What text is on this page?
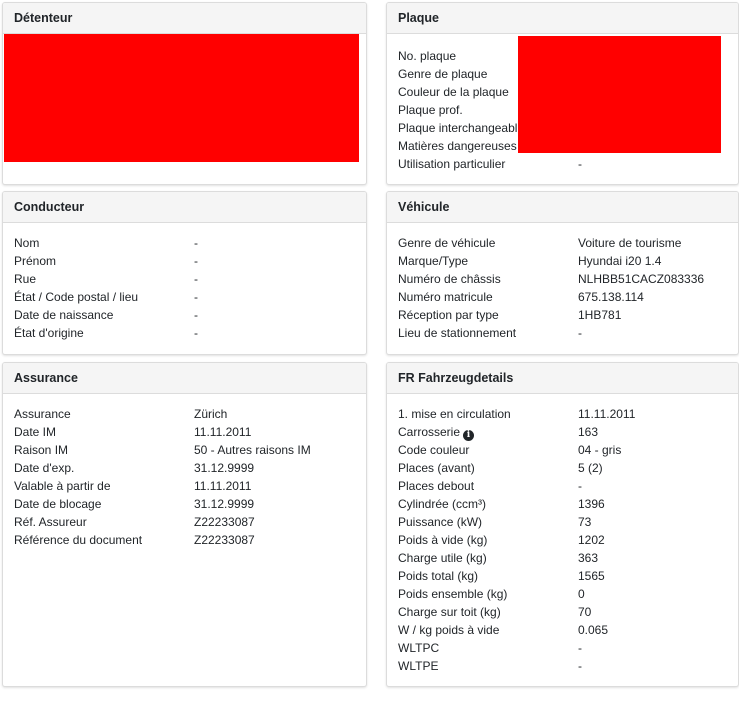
Détenteur	Plaque
No. plaque
Genre de plaque
Couleur de la plaque
Plaque prof.
Plaque interchangeabl
Matières dangereuses
Utilisation particulier	-
Conducteur
Nom	-
Prénom	-
Rue	-
État / Code postal / lieu	-
Date de naissance	-
État d'origine	-
Véhicule
Genre de véhicule	Voiture de tourisme
Marque/Type	Hyundai i20 1.4
Numéro de châssis	NLHBB51CACZ083336
Numéro matricule	675.138.114
Réception par type	1HB781
Lieu de stationnement	-
Assurance
Assurance	Zürich
Date IM	11.11.2011
Raison IM	50 - Autres raisons IM
Date d'exp.	31.12.9999
Valable à partir de	11.11.2011
Date de blocage	31.12.9999
Réf. Assureur	Z22233087
Référence du document	Z22233087
FR Fahrzeugdetails
1. mise en circulation	11.11.2011
Carrosserie i	163
Code couleur	04 - gris
Places (avant)	5 (2)
Places debout	-
Cylindrée (ccm³)	1396
Puissance (kW)	73
Poids à vide (kg)	1202
Charge utile (kg)	363
Poids total (kg)	1565
Poids ensemble (kg)	0
Charge sur toit (kg)	70
W / kg poids à vide	0.065
WLTPC	-
WLTPE	-
